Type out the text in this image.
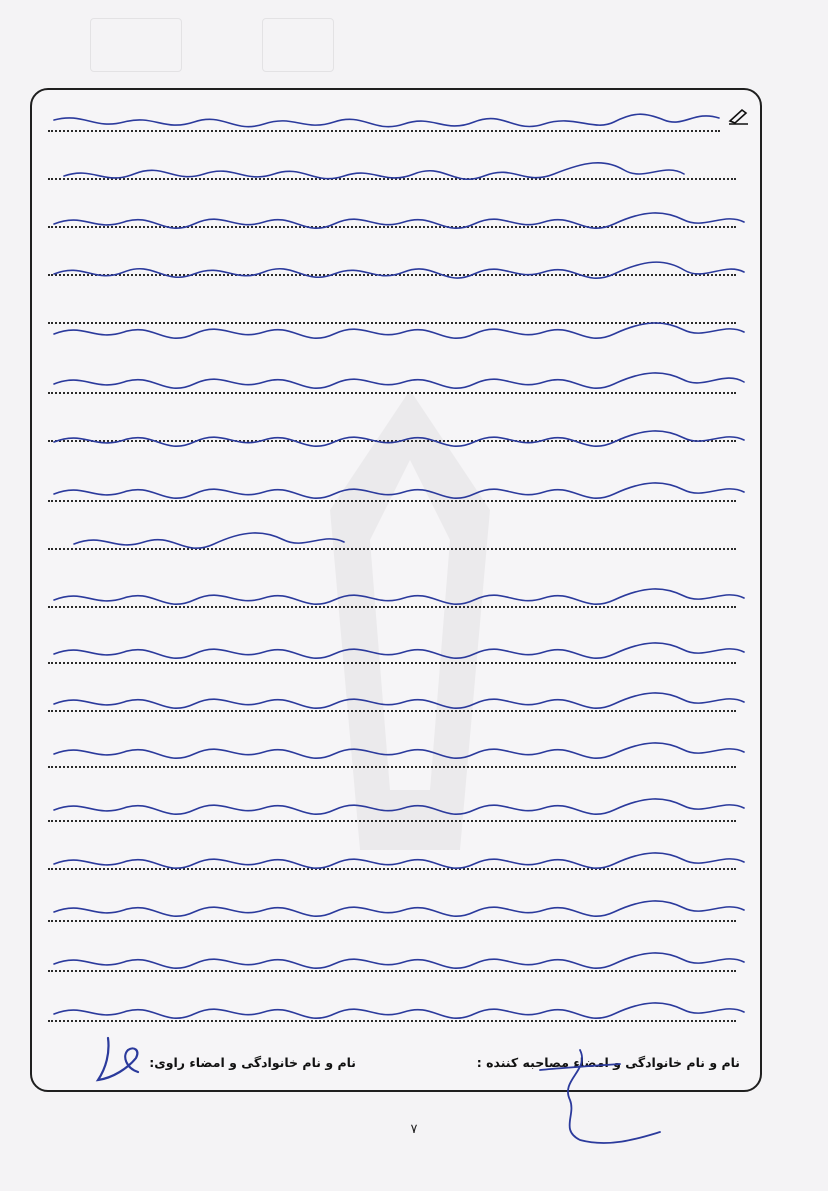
نام و نام خانوادگی و امضاء مصاحبه کننده :
نام و نام خانوادگی و امضاء راوی:
۷
